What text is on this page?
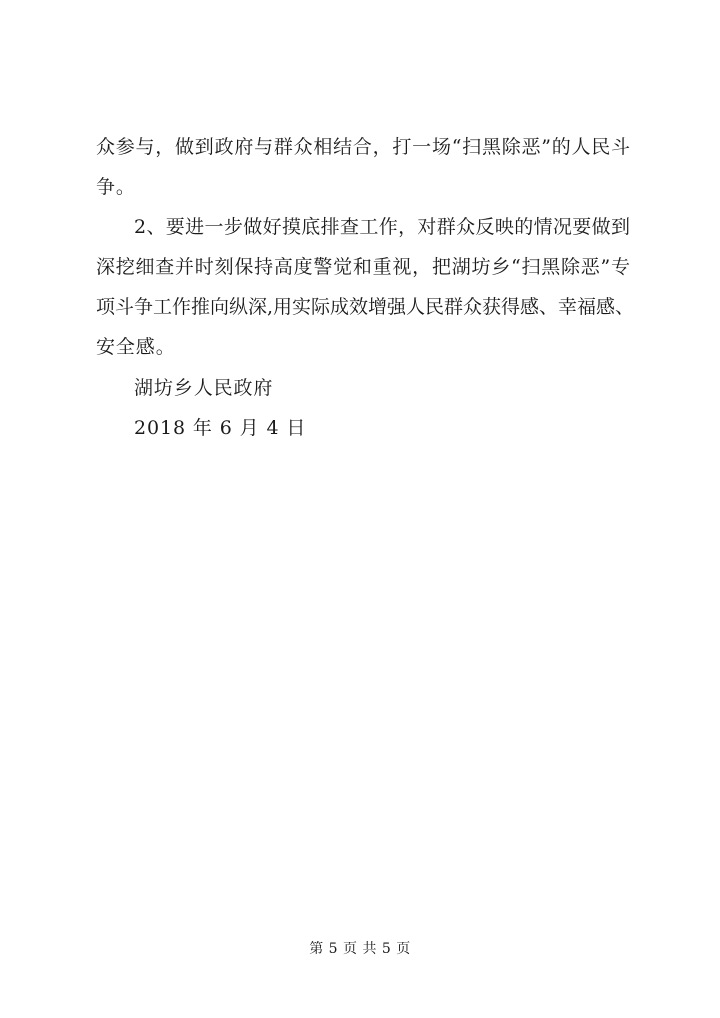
众参与，做到政府与群众相结合，打一场“扫黑除恶”的人民斗
争。
2、要进一步做好摸底排查工作，对群众反映的情况要做到
深挖细查并时刻保持高度警觉和重视，把湖坊乡“扫黑除恶”专
项斗争工作推向纵深,用实际成效增强人民群众获得感、幸福感、
安全感。
湖坊乡人民政府
2018 年 6 月 4 日
第 5 页 共 5 页
